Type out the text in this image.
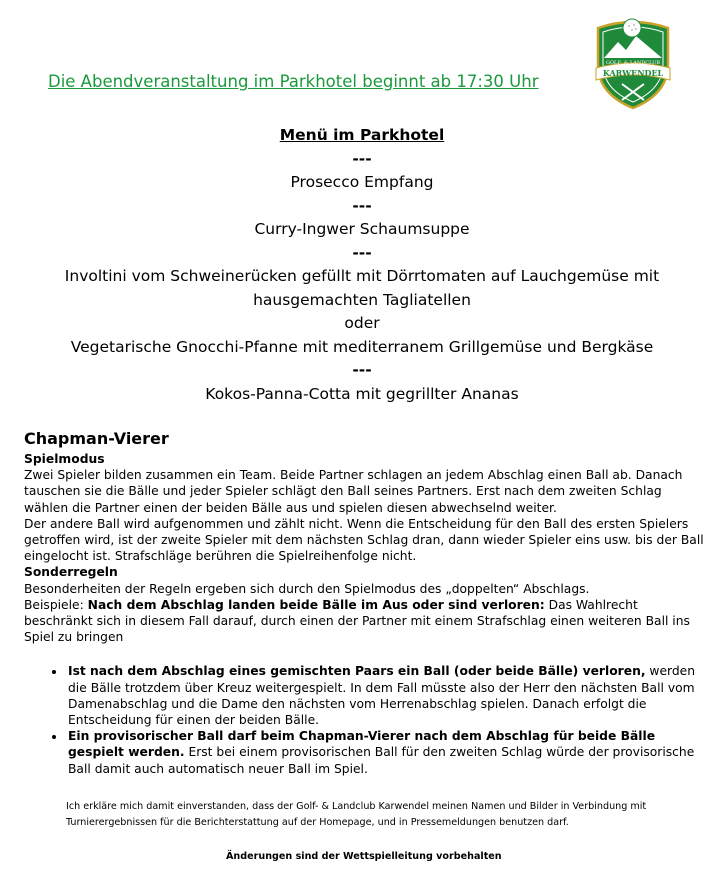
GOLF- & LANDCLUB
KARWENDEL
Die Abendveranstaltung im Parkhotel beginnt ab 17:30 Uhr
Menü im Parkhotel
---
Prosecco Empfang
---
Curry-Ingwer Schaumsuppe
---
Involtini vom Schweinerücken gefüllt mit Dörrtomaten auf Lauchgemüse mit
hausgemachten Tagliatellen
oder
Vegetarische Gnocchi-Pfanne mit mediterranem Grillgemüse und Bergkäse
---
Kokos-Panna-Cotta mit gegrillter Ananas
Chapman-Vierer
Spielmodus

Zwei Spieler bilden zusammen ein Team. Beide Partner schlagen an jedem Abschlag einen Ball ab. Danach tauschen sie die Bälle und jeder Spieler schlägt den Ball seines Partners. Erst nach dem zweiten Schlag wählen die Partner einen der beiden Bälle aus und spielen diesen abwechselnd weiter.

Der andere Ball wird aufgenommen und zählt nicht. Wenn die Entscheidung für den Ball des ersten Spielers getroffen wird, ist der zweite Spieler mit dem nächsten Schlag dran, dann wieder Spieler eins usw. bis der Ball eingelocht ist. Strafschläge berühren die Spielreihenfolge nicht.

Sonderregeln

Besonderheiten der Regeln ergeben sich durch den Spielmodus des „doppelten“ Abschlags.

Beispiele: Nach dem Abschlag landen beide Bälle im Aus oder sind verloren: Das Wahlrecht beschränkt sich in diesem Fall darauf, durch einen der Partner mit einem Strafschlag einen weiteren Ball ins Spiel zu bringen

• Ist nach dem Abschlag eines gemischten Paars ein Ball (oder beide Bälle) verloren, werden die Bälle trotzdem über Kreuz weitergespielt. In dem Fall müsste also der Herr den nächsten Ball vom Damenabschlag und die Dame den nächsten vom Herrenabschlag spielen. Danach erfolgt die Entscheidung für einen der beiden Bälle.
• Ein provisorischer Ball darf beim Chapman-Vierer nach dem Abschlag für beide Bälle gespielt werden. Erst bei einem provisorischen Ball für den zweiten Schlag würde der provisorische Ball damit auch automatisch neuer Ball im Spiel.
Ich erkläre mich damit einverstanden, dass der Golf- & Landclub Karwendel meinen Namen und Bilder in Verbindung mit Turnierergebnissen für die Berichterstattung auf der Homepage, und in Pressemeldungen benutzen darf.
Änderungen sind der Wettspielleitung vorbehalten
